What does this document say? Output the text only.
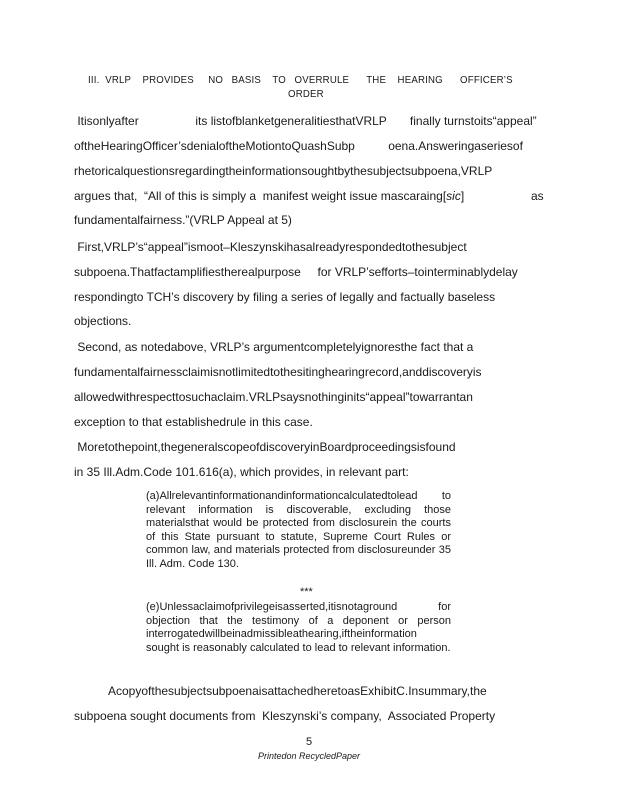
III.  VRLP    PROVIDES     NO   BASIS    TO   OVERRULE      THE    HEARING      OFFICER’S
ORDER
Itisonlyafter                 its listofblanketgeneralitiesthatVRLP       finally turnstoits“appeal”
oftheHearingOfficer’sdenialoftheMotiontoQuashSubp          oena.Answeringaseriesof
rhetoricalquestionsregardingtheinformationsoughtbythesubjectsubpoena,VRLP
argues that,  “All of this is simply a  manifest weight issue mascaraing[sic]	as
fundamentalfairness.”(VRLP Appeal at 5)
First,VRLP’s“appeal”ismoot–Kleszynskihasalreadyrespondedtothesubject
subpoena.Thatfactamplifiestherealpurpose     for VRLP’sefforts–tointerminablydelay
respondingto TCH’s discovery by filing a series of legally and factually baseless
objections.
Second, as notedabove, VRLP’s argumentcompletelyignoresthe fact that a
fundamentalfairnessclaimisnotlimitedtothesitinghearingrecord,anddiscoveryis
allowedwithrespecttosuchaclaim.VRLPsaysnothinginits“appeal”towarrantan
exception to that establishedrule in this case.
Moretothepoint,thegeneralscopeofdiscoveryinBoardproceedingsisfound
in 35 Ill.Adm.Code 101.616(a), which provides, in relevant part:
(a)Allrelevantinformationandinformationcalculatedtolead to relevant information is discoverable, excluding those materialsthat would be protected from disclosurein the courts of this State pursuant to statute, Supreme Court Rules or common law, and materials protected from disclosureunder 35 Ill. Adm. Code 130.
***
(e)Unlessaclaimofprivilegeisasserted,itisnotaground for objection that the testimony of a deponent or person interrogatedwillbeinadmissibleathearing,iftheinformation sought is reasonably calculated to lead to relevant information.
AcopyofthesubjectsubpoenaisattachedheretoasExhibitC.Insummary,the
subpoena sought documents from  Kleszynski’s company,  Associated Property
5
Printedon RecycledPaper
